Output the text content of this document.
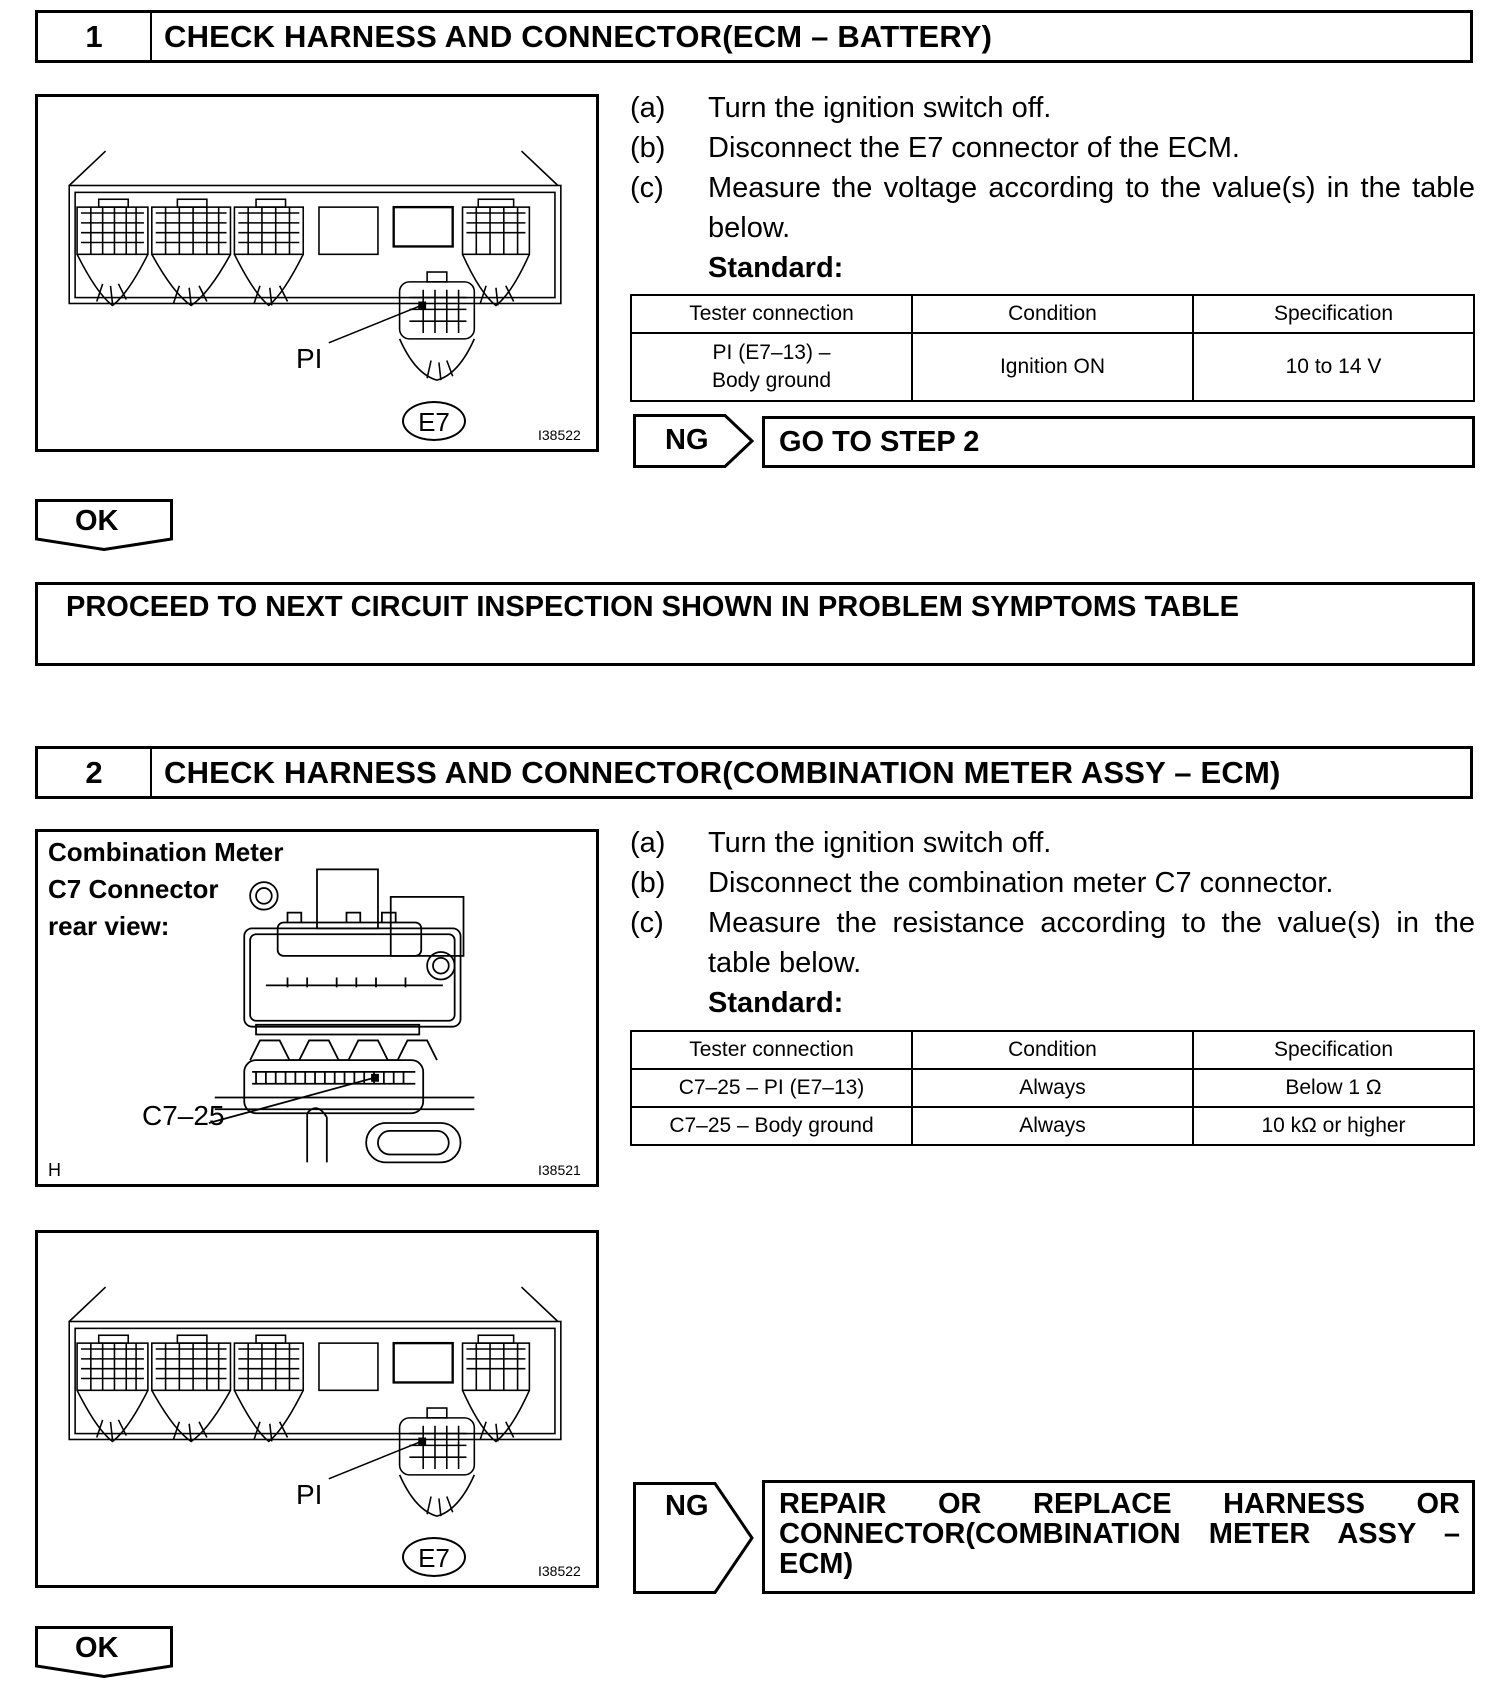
1	CHECK HARNESS AND CONNECTOR(ECM – BATTERY)
PI
E7	I38522
(a)	Turn the ignition switch off.
(b)	Disconnect the E7 connector of the ECM.
(c)	Measure the voltage according to the value(s) in the table below.
Standard:
Tester connection	Condition	Specification

PI (E7–13) –
Body ground	Ignition ON	10 to 14 V
NG	GO TO STEP 2
OK
PROCEED TO NEXT CIRCUIT INSPECTION SHOWN IN PROBLEM SYMPTOMS TABLE
2	CHECK HARNESS AND CONNECTOR(COMBINATION METER ASSY – ECM)
Combination Meter
C7 Connector
rear view:
C7–25
H	I38521
(a)	Turn the ignition switch off.
(b)	Disconnect the combination meter C7 connector.
(c)	Measure the resistance according to the value(s) in the table below.
Standard:
Tester connection	Condition	Specification
C7–25 – PI (E7–13)	Always	Below 1 Ω
C7–25 – Body ground	Always	10 kΩ or higher
PI
E7	I38522
NG	REPAIR OR REPLACE HARNESS OR CONNECTOR(COMBINATION METER ASSY – ECM)
OK
